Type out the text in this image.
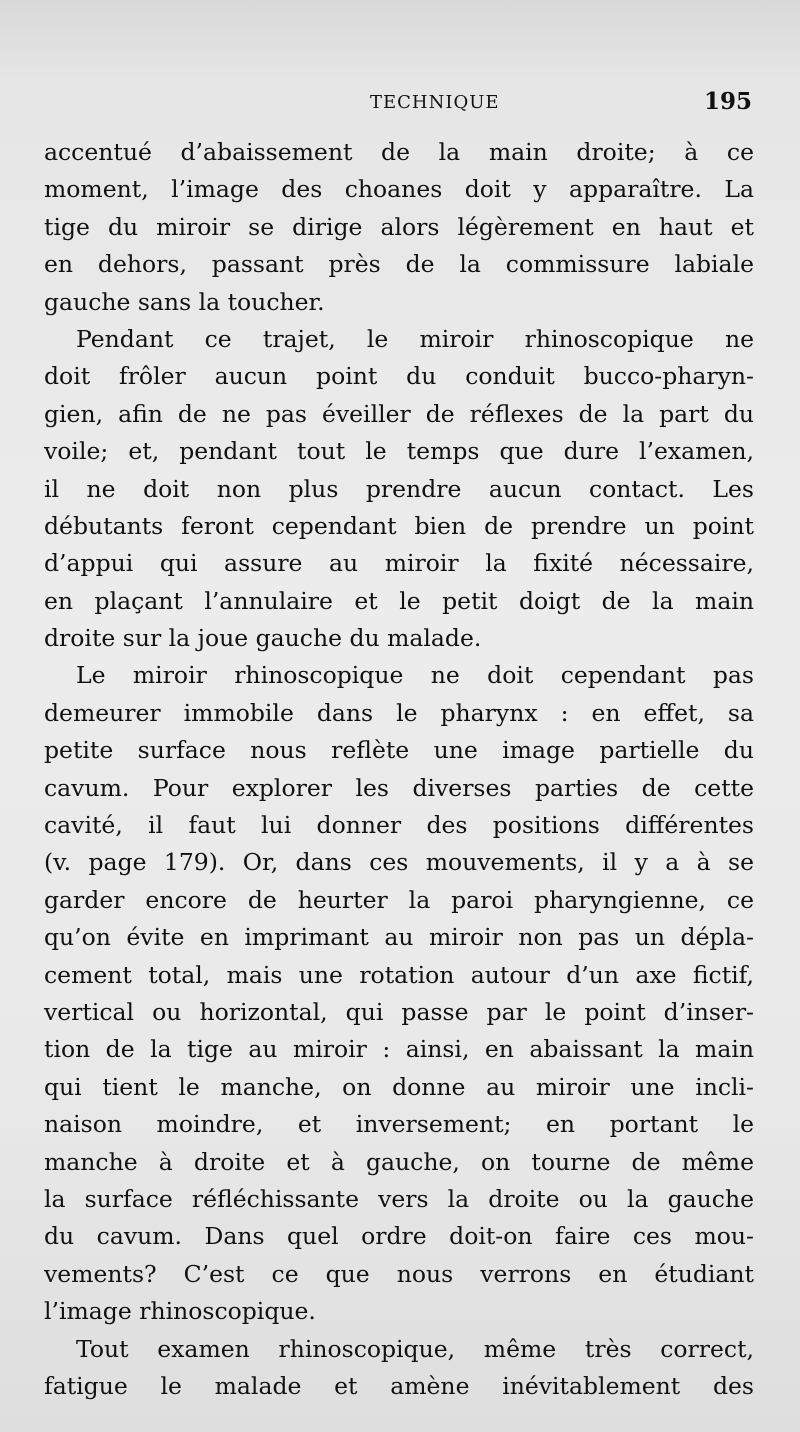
TECHNIQUE	195
accentué d’abaissement de la main droite; à ce
moment, l’image des choanes doit y apparaître. La
tige du miroir se dirige alors légèrement en haut et
en dehors, passant près de la commissure labiale
gauche sans la toucher.
Pendant ce trajet, le miroir rhinoscopique ne
doit frôler aucun point du conduit bucco-pharyn-
gien, afin de ne pas éveiller de réflexes de la part du
voile; et, pendant tout le temps que dure l’examen,
il ne doit non plus prendre aucun contact. Les
débutants feront cependant bien de prendre un point
d’appui qui assure au miroir la fixité nécessaire,
en plaçant l’annulaire et le petit doigt de la main
droite sur la joue gauche du malade.
Le miroir rhinoscopique ne doit cependant pas
demeurer immobile dans le pharynx : en effet, sa
petite surface nous reflète une image partielle du
cavum. Pour explorer les diverses parties de cette
cavité, il faut lui donner des positions différentes
(v. page 179). Or, dans ces mouvements, il y a à se
garder encore de heurter la paroi pharyngienne, ce
qu’on évite en imprimant au miroir non pas un dépla-
cement total, mais une rotation autour d’un axe fictif,
vertical ou horizontal, qui passe par le point d’inser-
tion de la tige au miroir : ainsi, en abaissant la main
qui tient le manche, on donne au miroir une incli-
naison moindre, et inversement; en portant le
manche à droite et à gauche, on tourne de même
la surface réfléchissante vers la droite ou la gauche
du cavum. Dans quel ordre doit-on faire ces mou-
vements? C’est ce que nous verrons en étudiant
l’image rhinoscopique.
Tout examen rhinoscopique, même très correct,
fatigue le malade et amène inévitablement des
